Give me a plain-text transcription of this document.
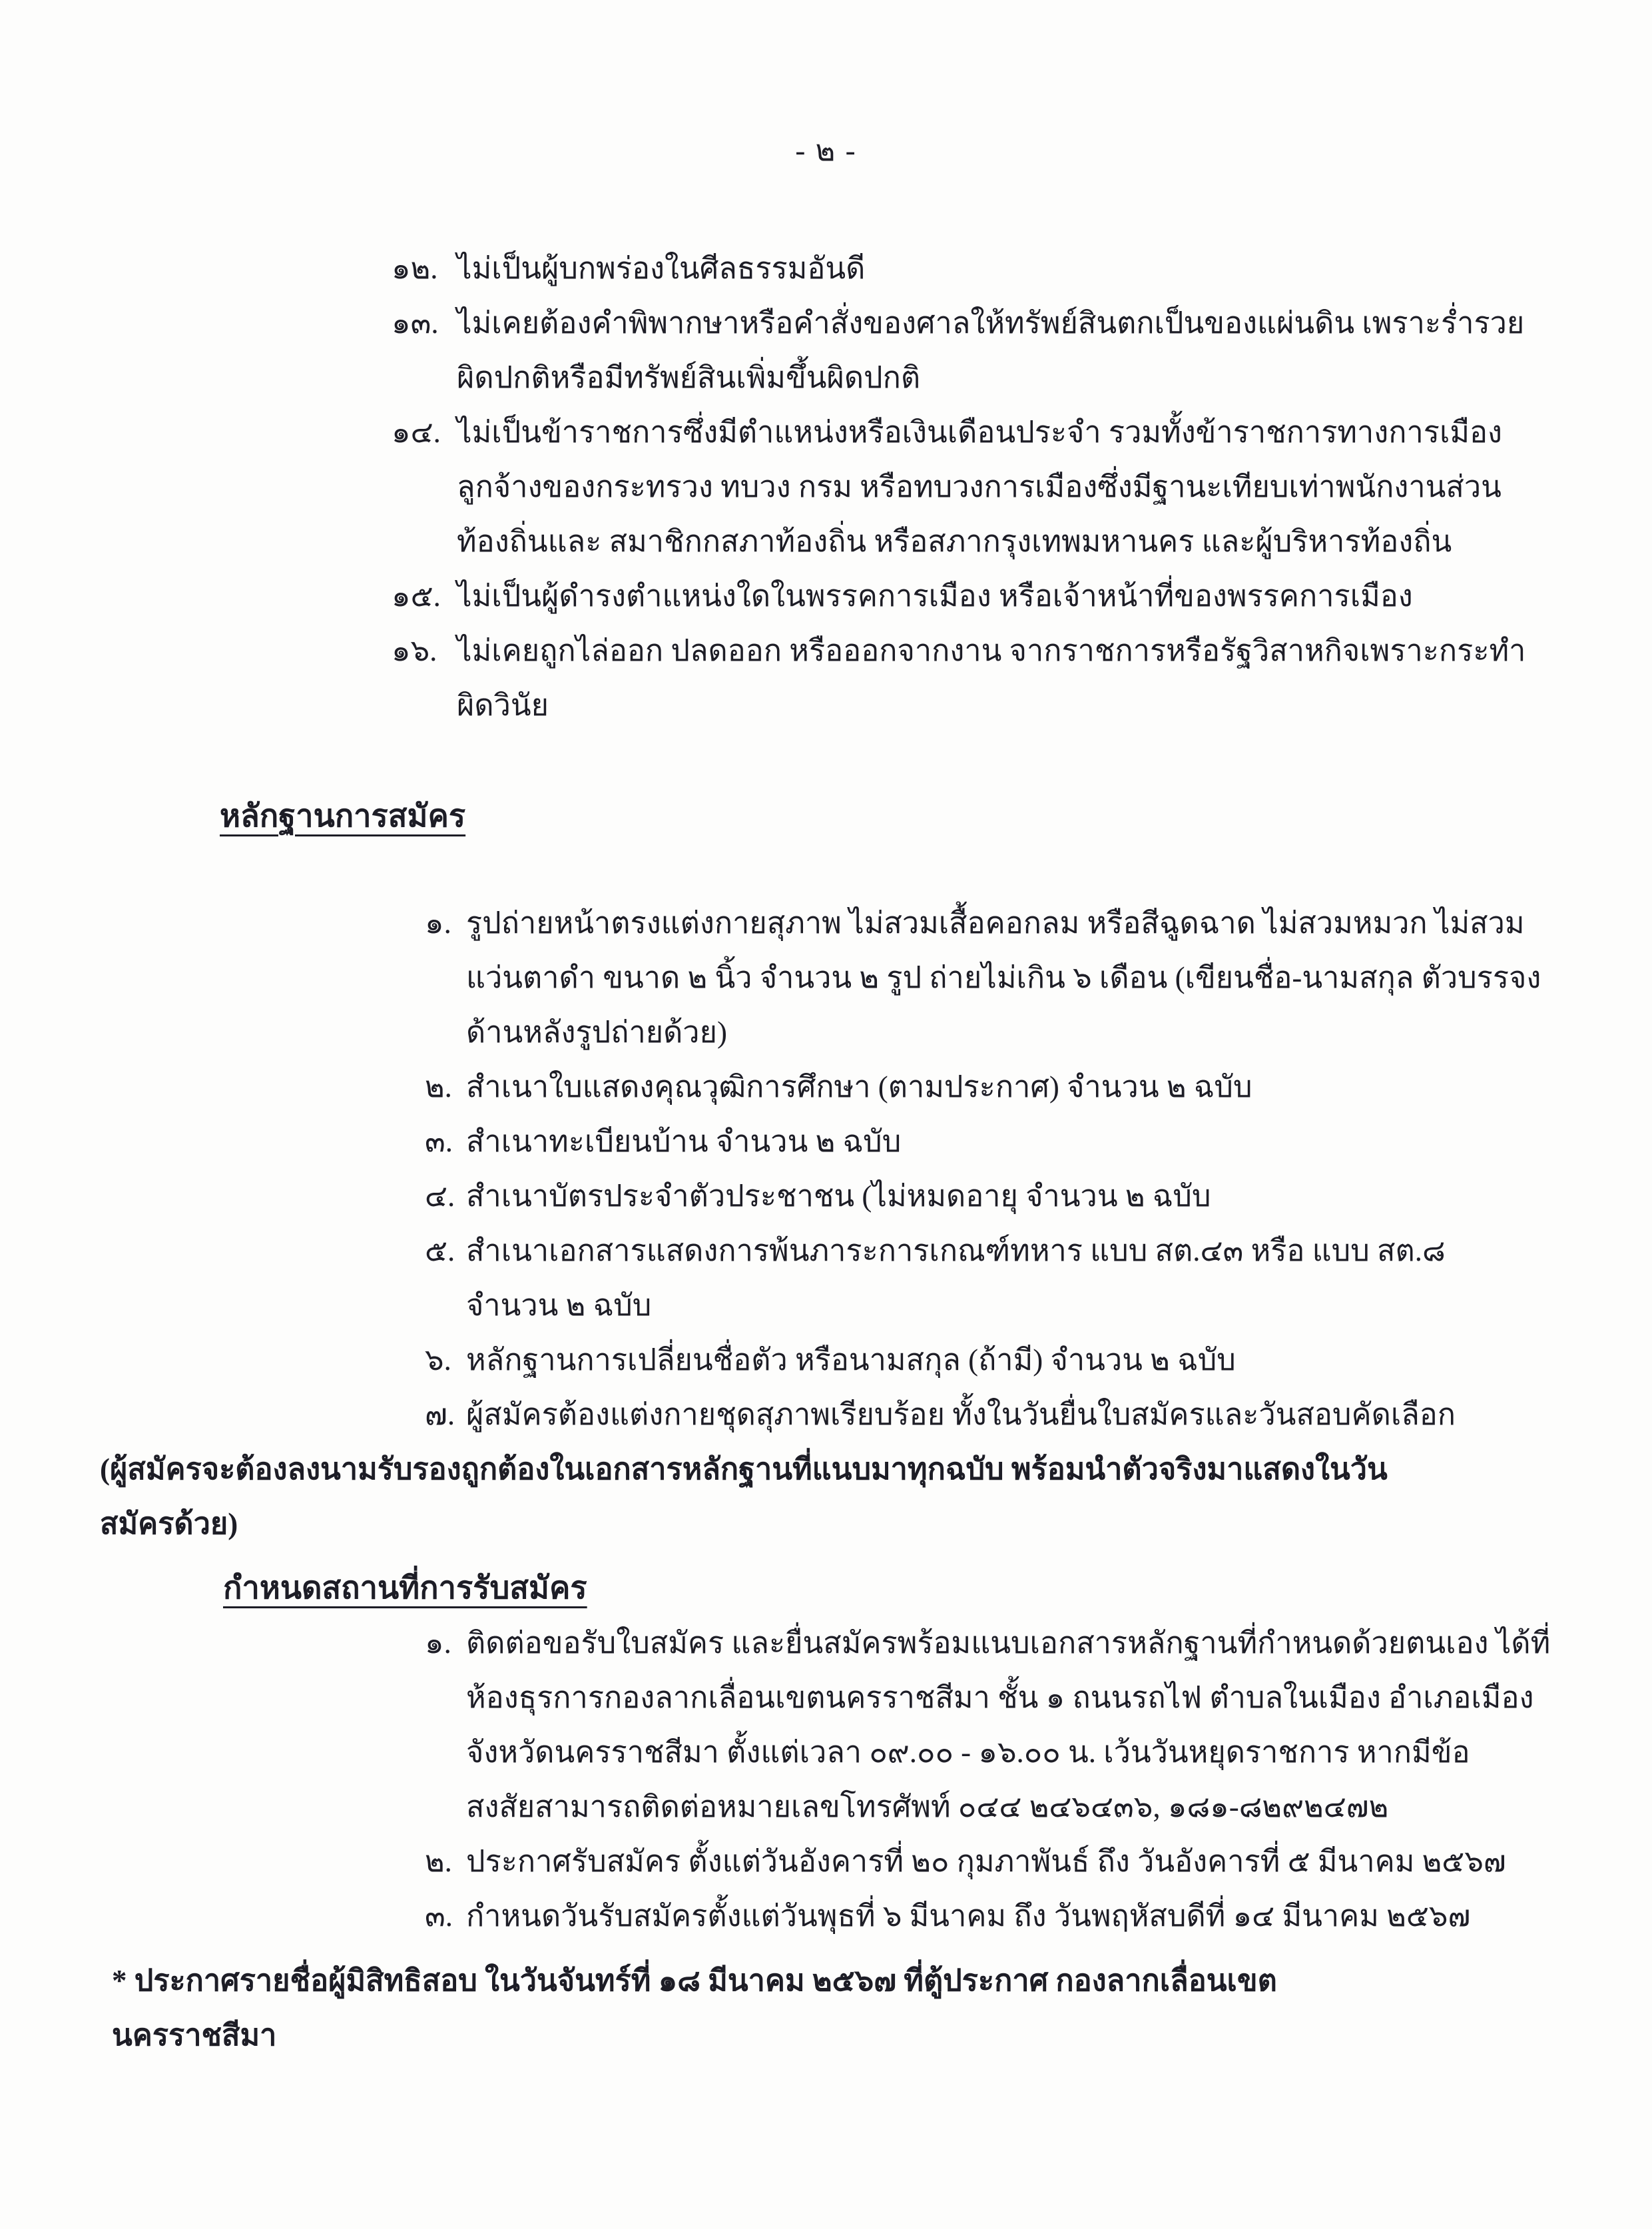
- ๒ -
๑๒. ไม่เป็นผู้บกพร่องในศีลธรรมอันดี
๑๓. ไม่เคยต้องคำพิพากษาหรือคำสั่งของศาลให้ทรัพย์สินตกเป็นของแผ่นดิน เพราะร่ำรวย
ผิดปกติหรือมีทรัพย์สินเพิ่มขึ้นผิดปกติ
๑๔. ไม่เป็นข้าราชการซึ่งมีตำแหน่งหรือเงินเดือนประจำ รวมทั้งข้าราชการทางการเมือง
ลูกจ้างของกระทรวง ทบวง กรม หรือทบวงการเมืองซึ่งมีฐานะเทียบเท่าพนักงานส่วน
ท้องถิ่นและ สมาชิกกสภาท้องถิ่น หรือสภากรุงเทพมหานคร และผู้บริหารท้องถิ่น
๑๕. ไม่เป็นผู้ดำรงตำแหน่งใดในพรรคการเมือง หรือเจ้าหน้าที่ของพรรคการเมือง
๑๖. ไม่เคยถูกไล่ออก ปลดออก หรือออกจากงาน จากราชการหรือรัฐวิสาหกิจเพราะกระทำ
ผิดวินัย
หลักฐานการสมัคร
๑. รูปถ่ายหน้าตรงแต่งกายสุภาพ ไม่สวมเสื้อคอกลม หรือสีฉูดฉาด ไม่สวมหมวก ไม่สวม
แว่นตาดำ ขนาด ๒ นิ้ว จำนวน ๒ รูป ถ่ายไม่เกิน ๖ เดือน (เขียนชื่อ-นามสกุล ตัวบรรจง
ด้านหลังรูปถ่ายด้วย)
๒. สำเนาใบแสดงคุณวุฒิการศึกษา (ตามประกาศ) จำนวน ๒ ฉบับ
๓. สำเนาทะเบียนบ้าน จำนวน ๒ ฉบับ
๔. สำเนาบัตรประจำตัวประชาชน (ไม่หมดอายุ จำนวน ๒ ฉบับ
๕. สำเนาเอกสารแสดงการพ้นภาระการเกณฑ์ทหาร แบบ สต.๔๓ หรือ แบบ สต.๘
จำนวน ๒ ฉบับ
๖. หลักฐานการเปลี่ยนชื่อตัว หรือนามสกุล (ถ้ามี) จำนวน ๒ ฉบับ
๗. ผู้สมัครต้องแต่งกายชุดสุภาพเรียบร้อย ทั้งในวันยื่นใบสมัครและวันสอบคัดเลือก
(ผู้สมัครจะต้องลงนามรับรองถูกต้องในเอกสารหลักฐานที่แนบมาทุกฉบับ พร้อมนำตัวจริงมาแสดงในวัน
สมัครด้วย)
กำหนดสถานที่การรับสมัคร
๑. ติดต่อขอรับใบสมัคร และยื่นสมัครพร้อมแนบเอกสารหลักฐานที่กำหนดด้วยตนเอง ได้ที่
ห้องธุรการกองลากเลื่อนเขตนครราชสีมา ชั้น ๑ ถนนรถไฟ ตำบลในเมือง อำเภอเมือง
จังหวัดนครราชสีมา ตั้งแต่เวลา ๐๙.๐๐ - ๑๖.๐๐ น. เว้นวันหยุดราชการ หากมีข้อ
สงสัยสามารถติดต่อหมายเลขโทรศัพท์ ๐๔๔ ๒๔๖๔๓๖, ๑๘๑-๘๒๙๒๔๗๒
๒. ประกาศรับสมัคร ตั้งแต่วันอังคารที่ ๒๐ กุมภาพันธ์ ถึง วันอังคารที่ ๕ มีนาคม ๒๕๖๗
๓. กำหนดวันรับสมัครตั้งแต่วันพุธที่ ๖ มีนาคม ถึง วันพฤหัสบดีที่ ๑๔ มีนาคม ๒๕๖๗
* ประกาศรายชื่อผู้มิสิทธิสอบ ในวันจันทร์ที่ ๑๘ มีนาคม ๒๕๖๗ ที่ตู้ประกาศ กองลากเลื่อนเขต
นครราชสีมา
